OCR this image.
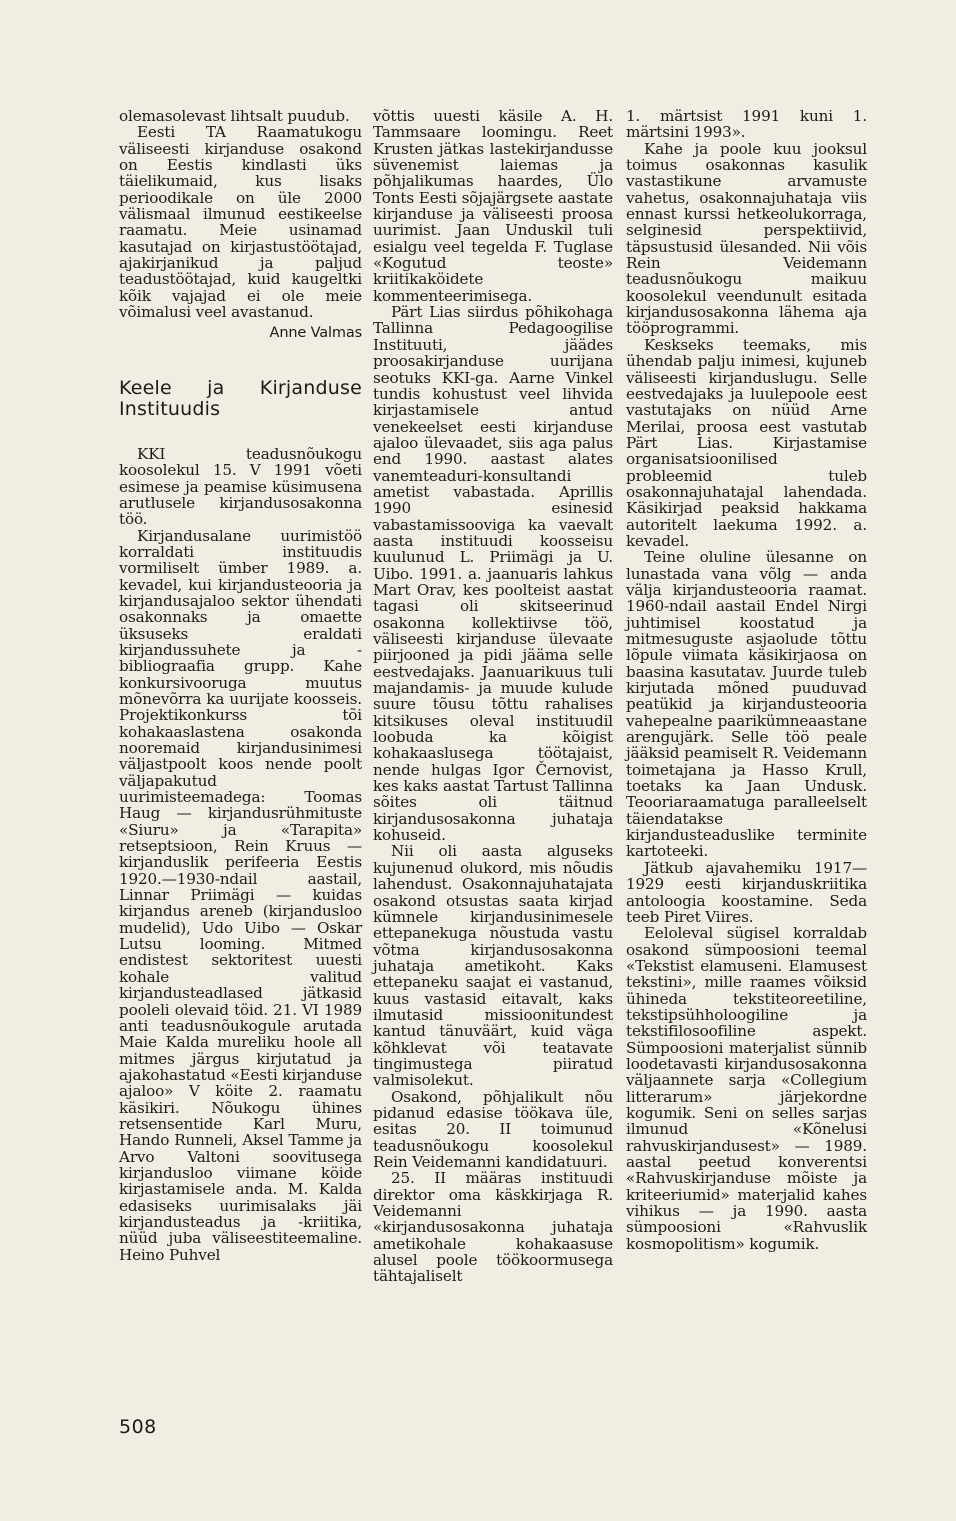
olemasolevast lihtsalt puudub.

Eesti TA Raamatukogu väliseesti kirjanduse osakond on Eestis kindlasti üks täielikumaid, kus lisaks perioodikale on üle 2000 välismaal ilmunud eestikeelse raamatu. Meie usinamad kasutajad on kirjastustöötajad, ajakirjanikud ja paljud teadustöötajad, kuid kaugeltki kõik vajajad ei ole meie võimalusi veel avastanud.

Anne Valmas
Keele ja Kirjanduse Instituudis

KKI teadusnõukogu koosolekul 15. V 1991 võeti esimese ja peamise küsimusena arutlusele kirjandusosakonna töö.

Kirjandusalane uurimistöö korraldati instituudis vormiliselt ümber 1989. a. kevadel, kui kirjandusteooria ja kirjandusajaloo sektor ühendati osakonnaks ja omaette üksuseks eraldati kirjandussuhete ja -bibliograafia grupp. Kahe konkursivooruga muutus mõnevõrra ka uurijate koosseis. Projektikonkurss tõi kohakaaslastena osakonda nooremaid kirjandusinimesi väljastpoolt koos nende poolt väljapakutud uurimisteemadega: Toomas Haug — kirjandusrühmituste «Siuru» ja «Tarapita» retseptsioon, Rein Kruus — kirjanduslik perifeeria Eestis 1920.—1930-ndail aastail, Linnar Priimägi — kuidas kirjandus areneb (kirjandusloo mudelid), Udo Uibo — Oskar Lutsu looming. Mitmed endistest sektoritest uuesti kohale valitud kirjandusteadlased jätkasid pooleli olevaid töid. 21. VI 1989 anti teadusnõukogule arutada Maie Kalda mureliku hoole all mitmes järgus kirjutatud ja ajakohastatud «Eesti kirjanduse ajaloo» V köite 2. raamatu käsikiri. Nõukogu ühines retsensentide Karl Muru, Hando Runneli, Aksel Tamme ja Arvo Valtoni soovitusega kirjandusloo viimane köide kirjastamisele anda. M. Kalda edasiseks uurimisalaks jäi kirjandusteadus ja -kriitika, nüüd juba väliseestiteemaline. Heino Puhvel

võttis uuesti käsile A. H. Tammsaare loomingu. Reet Krusten jätkas lastekirjandusse süvenemist laiemas ja põhjalikumas haardes, Ülo Tonts Eesti sõjajärgsete aastate kirjanduse ja väliseesti proosa uurimist. Jaan Unduskil tuli esialgu veel tegelda F. Tuglase «Kogutud teoste» kriitikaköidete kommenteerimisega.

Pärt Lias siirdus põhikohaga Tallinna Pedagoogilise Instituuti, jäädes proosakirjanduse uurijana seotuks KKI-ga. Aarne Vinkel tundis kohustust veel lihvida kirjastamisele antud venekeelset eesti kirjanduse ajaloo ülevaadet, siis aga palus end 1990. aastast alates vanemteaduri-konsultandi ametist vabastada. Aprillis 1990 esinesid vabastamissooviga ka vaevalt aasta instituudi koosseisu kuulunud L. Priimägi ja U. Uibo. 1991. a. jaanuaris lahkus Mart Orav, kes poolteist aastat tagasi oli skitseerinud osakonna kollektiivse töö, väliseesti kirjanduse ülevaate piirjooned ja pidi jääma selle eestvedajaks. Jaanuarikuus tuli majandamis- ja muude kulude suure tõusu tõttu rahalises kitsikuses oleval instituudil loobuda ka kõigist kohakaaslusega töötajaist, nende hulgas Igor Černovist, kes kaks aastat Tartust Tallinna sõites oli täitnud kirjandusosakonna juhataja kohuseid.

Nii oli aasta alguseks kujunenud olukord, mis nõudis lahendust. Osakonnajuhatajata osakond otsustas saata kirjad kümnele kirjandusinimesele ettepanekuga nõustuda vastu võtma kirjandusosakonna juhataja ametikoht. Kaks ettepaneku saajat ei vastanud, kuus vastasid eitavalt, kaks ilmutasid missioonitundest kantud tänuväärt, kuid väga kõhklevat või teatavate tingimustega piiratud valmisolekut.

Osakond, põhjalikult nõu pidanud edasise töökava üle, esitas 20. II toimunud teadusnõukogu koosolekul Rein Veidemanni kandidatuuri.

25. II määras instituudi direktor oma käskkirjaga R. Veidemanni «kirjandusosakonna juhataja ametikohale kohakaasuse alusel poole töökoormusega tähtajaliselt

1. märtsist 1991 kuni 1. märtsini 1993».

Kahe ja poole kuu jooksul toimus osakonnas kasulik vastastikune arvamuste vahetus, osakonnajuhataja viis ennast kurssi hetkeolukorraga, selginesid perspektiivid, täpsustusid ülesanded. Nii võis Rein Veidemann teadusnõukogu maikuu koosolekul veendunult esitada kirjandusosakonna lähema aja tööprogrammi.

Keskseks teemaks, mis ühendab palju inimesi, kujuneb väliseesti kirjanduslugu. Selle eestvedajaks ja luulepoole eest vastutajaks on nüüd Arne Merilai, proosa eest vastutab Pärt Lias. Kirjastamise organisatsioonilised probleemid tuleb osakonnajuhatajal lahendada. Käsikirjad peaksid hakkama autoritelt laekuma 1992. a. kevadel.

Teine oluline ülesanne on lunastada vana võlg — anda välja kirjandusteooria raamat. 1960-ndail aastail Endel Nirgi juhtimisel koostatud ja mitmesuguste asjaolude tõttu lõpule viimata käsikirjaosa on baasina kasutatav. Juurde tuleb kirjutada mõned puuduvad peatükid ja kirjandusteooria vahepealne paarikümneaastane arengujärk. Selle töö peale jääksid peamiselt R. Veidemann toimetajana ja Hasso Krull, toetaks ka Jaan Undusk. Teooriaraamatuga paralleelselt täiendatakse kirjandusteaduslike terminite kartoteeki.

Jätkub ajavahemiku 1917—1929 eesti kirjanduskriitika antoloogia koostamine. Seda teeb Piret Viires.

Eeloleval sügisel korraldab osakond sümpoosioni teemal «Tekstist elamuseni. Elamusest tekstini», mille raames võiksid ühineda tekstiteoreetiline, tekstipsühholoogiline ja tekstifilosoofiline aspekt. Sümpoosioni materjalist sünnib loodetavasti kirjandusosakonna väljaannete sarja «Collegium litterarum» järjekordne kogumik. Seni on selles sarjas ilmunud «Kõnelusi rahvuskirjandusest» — 1989. aastal peetud konverentsi «Rahvuskirjanduse mõiste ja kriteeriumid» materjalid kahes vihikus — ja 1990. aasta sümpoosioni «Rahvuslik kosmopolitism» kogumik.

508
